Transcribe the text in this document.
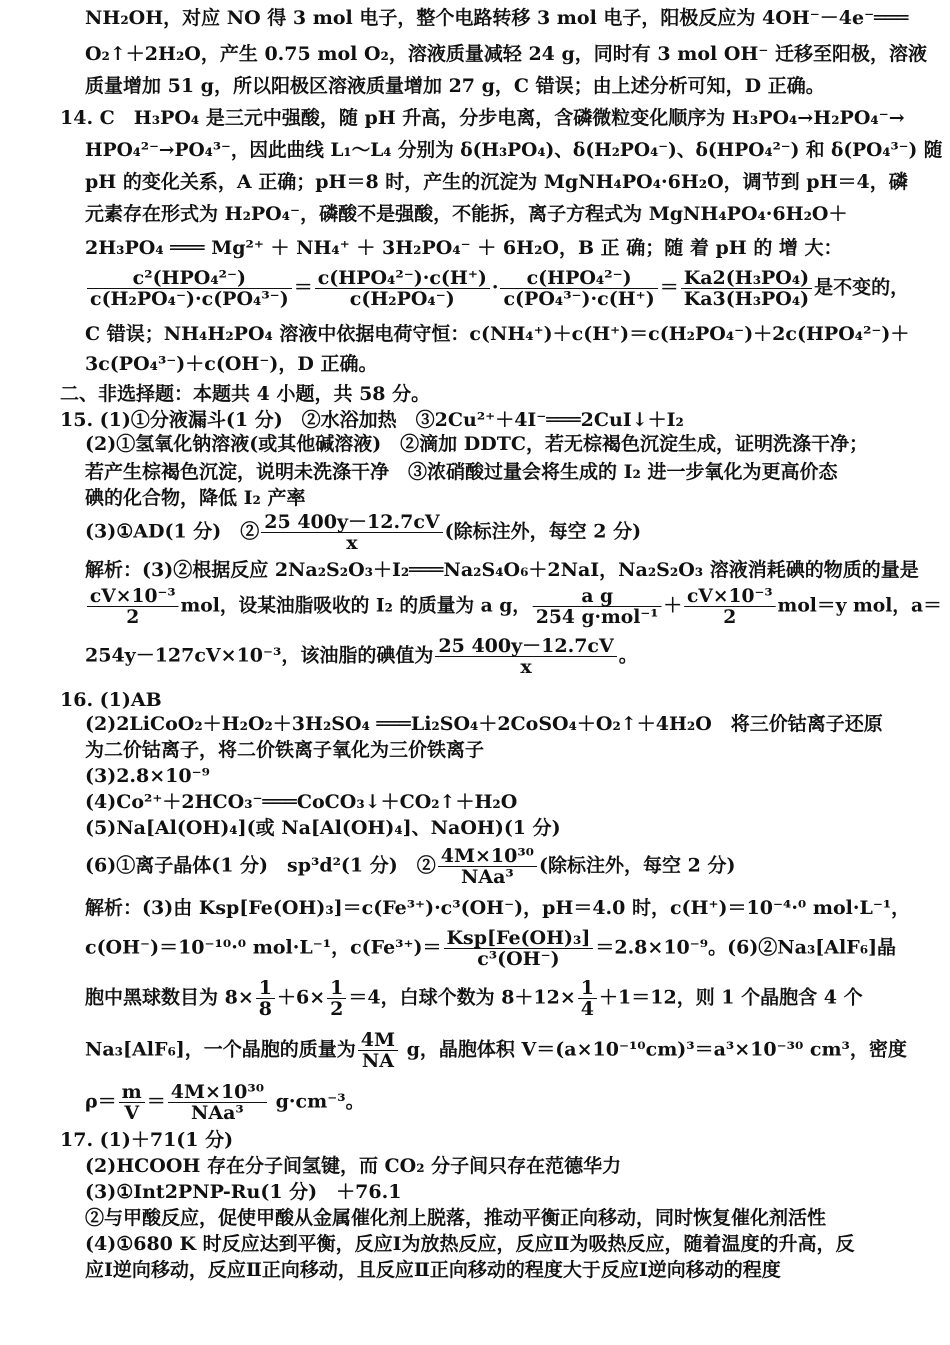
NH₂OH，对应 NO 得 3 mol 电子，整个电路转移 3 mol 电子，阳极反应为 4OH⁻－4e⁻═══
O₂↑＋2H₂O，产生 0.75 mol O₂，溶液质量减轻 24 g，同时有 3 mol OH⁻ 迁移至阳极，溶液
质量增加 51 g，所以阳极区溶液质量增加 27 g，C 错误；由上述分析可知，D 正确。
14. C　H₃PO₄ 是三元中强酸，随 pH 升高，分步电离，含磷微粒变化顺序为 H₃PO₄→H₂PO₄⁻→
HPO₄²⁻→PO₄³⁻，因此曲线 L₁～L₄ 分别为 δ(H₃PO₄)、δ(H₂PO₄⁻)、δ(HPO₄²⁻) 和 δ(PO₄³⁻) 随
pH 的变化关系，A 正确；pH＝8 时，产生的沉淀为 MgNH₄PO₄·6H₂O，调节到 pH＝4，磷
元素存在形式为 H₂PO₄⁻，磷酸不是强酸，不能拆，离子方程式为 MgNH₄PO₄·6H₂O＋
2H₃PO₄ ═══ Mg²⁺ ＋ NH₄⁺ ＋ 3H₂PO₄⁻ ＋ 6H₂O，B 正 确；随 着 pH 的 增 大：
$\frac{\text{c²(HPO₄²⁻)}}{\text{c(H₂PO₄⁻)·c(PO₄³⁻)}} = \frac{\text{c(HPO₄²⁻)·c(H⁺)}}{\text{c(H₂PO₄⁻)}} \cdot \frac{\text{c(HPO₄²⁻)}}{\text{c(PO₄³⁻)·c(H⁺)}} = \frac{\text{Ka2(H₃PO₄)}}{\text{Ka3(H₃PO₄)}}$ 是不变的，
C 错误；NH₄H₂PO₄ 溶液中依据电荷守恒：c(NH₄⁺)＋c(H⁺)＝c(H₂PO₄⁻)＋2c(HPO₄²⁻)＋
3c(PO₄³⁻)＋c(OH⁻)，D 正确。
二、非选择题：本题共 4 小题，共 58 分。
15. (1)①分液漏斗(1 分)　②水浴加热　③2Cu²⁺＋4I⁻═══2CuI↓＋I₂
(2)①氢氧化钠溶液(或其他碱溶液)　②滴加 DDTC，若无棕褐色沉淀生成，证明洗涤干净；
若产生棕褐色沉淀，说明未洗涤干净　③浓硝酸过量会将生成的 I₂ 进一步氧化为更高价态
碘的化合物，降低 I₂ 产率
(3)①AD(1 分)　② $\frac{25 400y-12.7cV}{x}$ (除标注外，每空 2 分)
解析：(3)②根据反应 2Na₂S₂O₃＋I₂═══Na₂S₄O₆＋2NaI，Na₂S₂O₃ 溶液消耗碘的物质的量是
$\frac{\text{cV×10⁻³}}{2}$ mol，设某油脂吸收的 I₂ 的质量为 a g， $\frac{\text{a g}}{\text{254 g·mol⁻¹}} + \frac{\text{cV×10⁻³}}{2} mol=y$ mol，a＝
254y－127cV×10⁻³，该油脂的碘值为 $\frac{25 400y-12.7cV}{x}$ 。
16. (1)AB
(2)2LiCoO₂＋H₂O₂＋3H₂SO₄ ═══Li₂SO₄＋2CoSO₄＋O₂↑＋4H₂O　将三价钴离子还原
为二价钴离子，将二价铁离子氧化为三价铁离子
(3)2.8×10⁻⁹
(4)Co²⁺＋2HCO₃⁻═══CoCO₃↓＋CO₂↑＋H₂O
(5)Na[Al(OH)₄](或 Na[Al(OH)₄]、NaOH)(1 分)
(6)①离子晶体(1 分)　sp³d²(1 分)　② $\frac{\text{4M×10³⁰}}{\text{NAa³}}$ (除标注外，每空 2 分)
解析：(3)由 Ksp[Fe(OH)₃]＝c(Fe³⁺)·c³(OH⁻)，pH＝4.0 时，c(H⁺)＝10⁻⁴·⁰ mol·L⁻¹，
c(OH⁻)＝10⁻¹⁰·⁰ mol·L⁻¹，$c(Fe^{3+})= \frac{\text{Ksp[Fe(OH)₃]}}{\text{c³(OH⁻)}} =2.8\times 10^{-9}$。(6)②Na₃[AlF₆]晶
胞中黑球数目为 $8\times \frac{1}{8} +6\times \frac{1}{2} =4$，白球个数为 $8+12\times \frac{1}{4} +1=12$，则 1 个晶胞含 4 个
Na₃[AlF₆]，一个晶胞的质量为 $\frac{4M}{NA}$ g，晶胞体积 V＝(a×10⁻¹⁰cm)³＝a³×10⁻³⁰ cm³，密度
$\rho= \frac{m}{V} = \frac{\text{4M×10³⁰}}{\text{NAa³}} g\cdot cm^{-3}$。
17. (1)＋71(1 分)
(2)HCOOH 存在分子间氢键，而 CO₂ 分子间只存在范德华力
(3)①Int2PNP-Ru(1 分)　＋76.1
②与甲酸反应，促使甲酸从金属催化剂上脱落，推动平衡正向移动，同时恢复催化剂活性
(4)①680 K 时反应达到平衡，反应Ⅰ为放热反应，反应Ⅱ为吸热反应，随着温度的升高，反
应Ⅰ逆向移动，反应Ⅱ正向移动，且反应Ⅱ正向移动的程度大于反应Ⅰ逆向移动的程度
